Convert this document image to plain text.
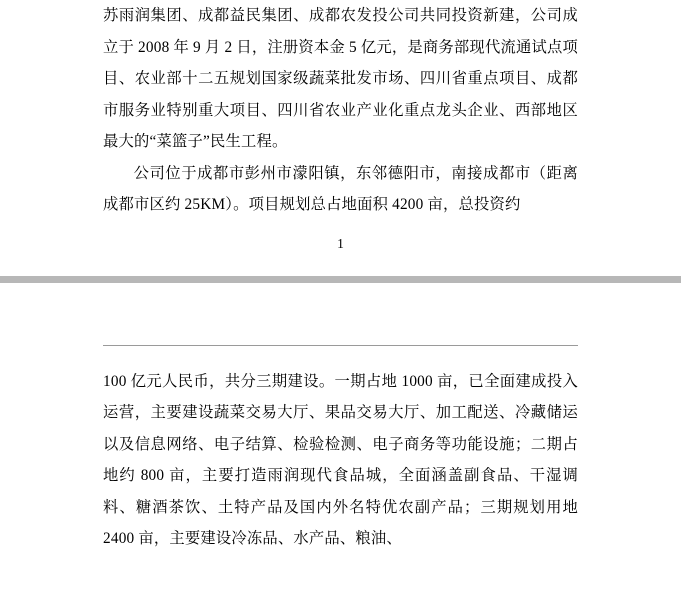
苏雨润集团、成都益民集团、成都农发投公司共同投资新建，公司成立于 2008 年 9 月 2 日，注册资本金 5 亿元，是商务部现代流通试点项目、农业部十二五规划国家级蔬菜批发市场、四川省重点项目、成都市服务业特别重大项目、四川省农业产业化重点龙头企业、西部地区最大的“菜篮子”民生工程。

公司位于成都市彭州市濛阳镇，东邻德阳市，南接成都市（距离成都市区约 25KM）。项目规划总占地面积 4200 亩，总投资约

1

100 亿元人民币，共分三期建设。一期占地 1000 亩，已全面建成投入运营，主要建设蔬菜交易大厅、果品交易大厅、加工配送、冷藏储运以及信息网络、电子结算、检验检测、电子商务等功能设施；二期占地约 800 亩，主要打造雨润现代食品城，全面涵盖副食品、干湿调料、糖酒茶饮、土特产品及国内外名特优农副产品；三期规划用地 2400 亩，主要建设冷冻品、水产品、粮油、
